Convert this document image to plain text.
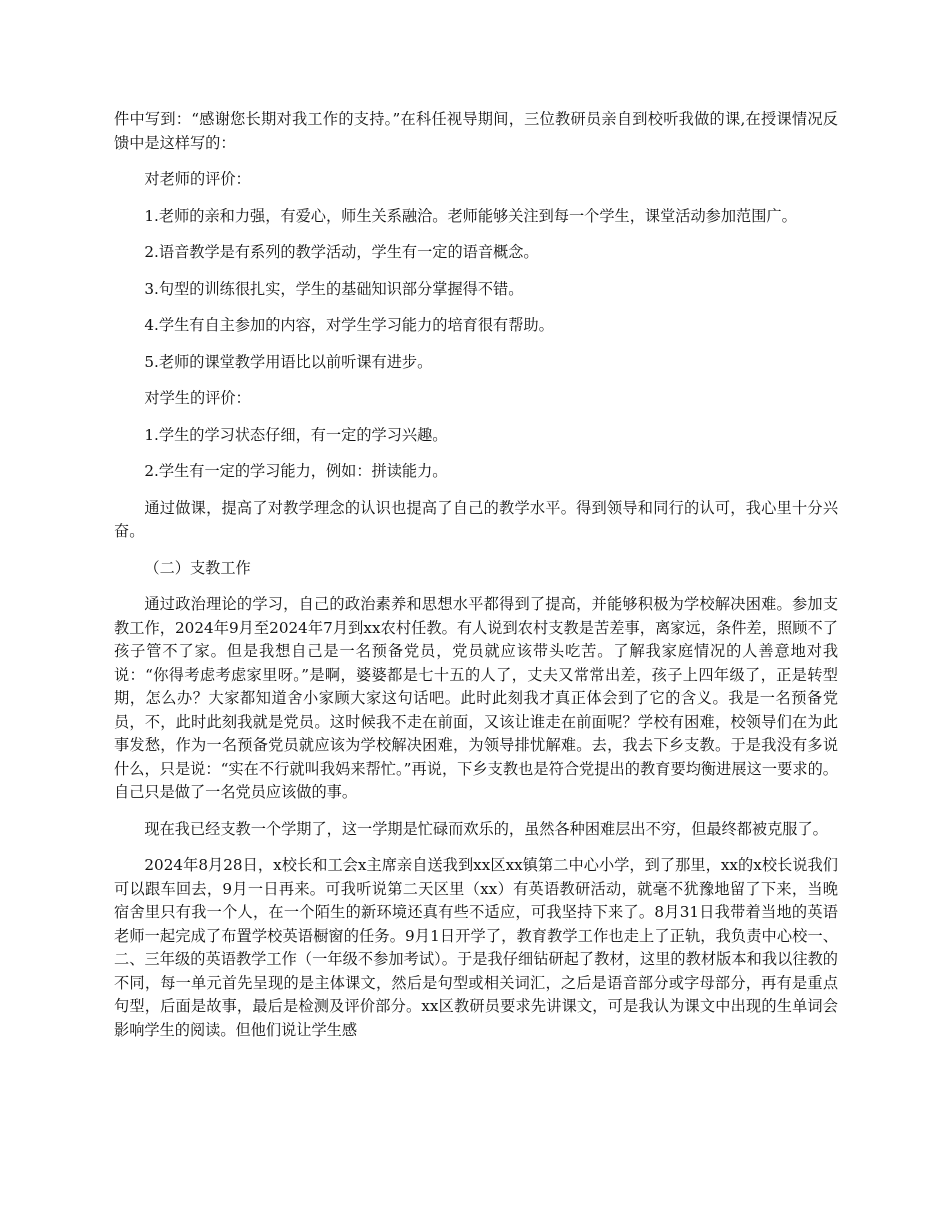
件中写到：“感谢您长期对我工作的支持。”在科任视导期间，三位教研员亲自到校听我做的课,在授课情况反馈中是这样写的：

对老师的评价：

1.老师的亲和力强，有爱心，师生关系融洽。老师能够关注到每一个学生，课堂活动参加范围广。

2.语音教学是有系列的教学活动，学生有一定的语音概念。

3.句型的训练很扎实，学生的基础知识部分掌握得不错。

4.学生有自主参加的内容，对学生学习能力的培育很有帮助。

5.老师的课堂教学用语比以前听课有进步。

对学生的评价：

1.学生的学习状态仔细，有一定的学习兴趣。

2.学生有一定的学习能力，例如：拼读能力。

通过做课，提高了对教学理念的认识也提高了自己的教学水平。得到领导和同行的认可，我心里十分兴奋。

（二）支教工作

通过政治理论的学习，自己的政治素养和思想水平都得到了提高，并能够积极为学校解决困难。参加支教工作，2024年9月至2024年7月到xx农村任教。有人说到农村支教是苦差事，离家远，条件差，照顾不了孩子管不了家。但是我想自己是一名预备党员，党员就应该带头吃苦。了解我家庭情况的人善意地对我说：“你得考虑考虑家里呀。”是啊，婆婆都是七十五的人了，丈夫又常常出差，孩子上四年级了，正是转型期，怎么办？大家都知道舍小家顾大家这句话吧。此时此刻我才真正体会到了它的含义。我是一名预备党员，不，此时此刻我就是党员。这时候我不走在前面，又该让谁走在前面呢？学校有困难，校领导们在为此事发愁，作为一名预备党员就应该为学校解决困难，为领导排忧解难。去，我去下乡支教。于是我没有多说什么，只是说：“实在不行就叫我妈来帮忙。”再说，下乡支教也是符合党提出的教育要均衡进展这一要求的。自己只是做了一名党员应该做的事。

现在我已经支教一个学期了，这一学期是忙碌而欢乐的，虽然各种困难层出不穷，但最终都被克服了。

2024年8月28日，x校长和工会x主席亲自送我到xx区xx镇第二中心小学，到了那里，xx的x校长说我们可以跟车回去，9月一日再来。可我听说第二天区里（xx）有英语教研活动，就毫不犹豫地留了下来，当晚宿舍里只有我一个人，在一个陌生的新环境还真有些不适应，可我坚持下来了。8月31日我带着当地的英语老师一起完成了布置学校英语橱窗的任务。9月1日开学了，教育教学工作也走上了正轨，我负责中心校一、二、三年级的英语教学工作（一年级不参加考试）。于是我仔细钻研起了教材，这里的教材版本和我以往教的不同，每一单元首先呈现的是主体课文，然后是句型或相关词汇，之后是语音部分或字母部分，再有是重点句型，后面是故事，最后是检测及评价部分。xx区教研员要求先讲课文，可是我认为课文中出现的生单词会影响学生的阅读。但他们说让学生感
